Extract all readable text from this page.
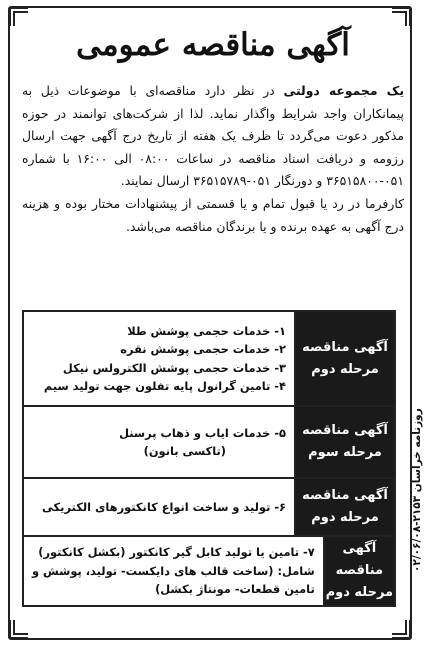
آگهی مناقصه عمومی

یک مجموعه دولتی در نظر دارد مناقصه‌ای با موضوعات ذیل به پیمانکاران واجد شرایط واگذار نماید. لذا از شرکت‌های توانمند در حوزه مذکور دعوت می‌گردد تا ظرف یک هفته از تاریخ درج آگهی جهت ارسال رزومه و دریافت اسناد مناقصه در ساعات ۰۸:۰۰ الی ۱۶:۰۰ با شماره ۰۵۱-۳۶۵۱۵۸۰۰ و دورنگار ۰۵۱-۳۶۵۱۵۷۸۹ ارسال نمایند.

کارفرما در رد یا قبول تمام و یا قسمتی از پیشنهادات مختار بوده و هزینه درج آگهی به عهده برنده و یا برندگان مناقصه می‌باشد.

آگهی مناقصه
مرحله دوم
۱- خدمات حجمی پوشش طلا
۲- خدمات حجمی پوشش نقره
۳- خدمات حجمی پوشش الکترولس نیکل
۴- تامین گرانول پایه تفلون جهت تولید سیم
آگهی مناقصه
مرحله سوم
۵- خدمات ایاب و ذهاب پرسنل
(تاکسی بانون)
آگهی مناقصه
مرحله دوم
۶- تولید و ساخت انواع کانکتورهای الکتریکی
آگهی مناقصه
مرحله دوم
۷- تامین یا تولید کابل گیر کانکتور (بکشل کانکتور)
شامل: (ساخت قالب های دایکست- تولید، پوشش و
تامین قطعات- مونتاژ بکشل)
روزنامه خراسان ۲۱۵۳-۰۲/۰۶/۰۸
